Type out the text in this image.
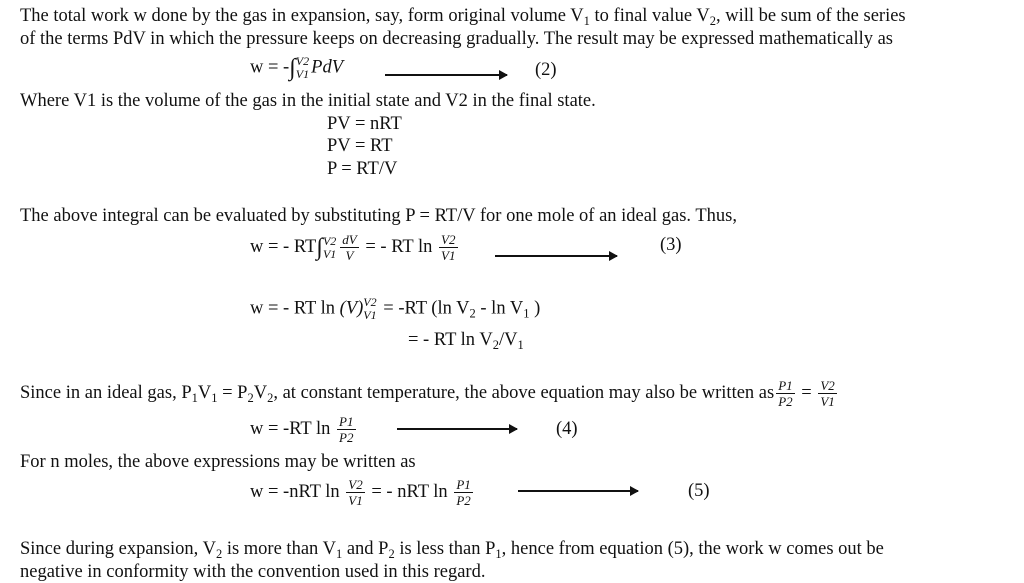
The total work w done by the gas in expansion, say, form original volume $V_1$ to final value $V_2$, will be sum of the series
of the terms PdV in which the pressure keeps on decreasing gradually. The result may be expressed mathematically as
w = -∫ V2
V1 PdV	(2)
Where V1 is the volume of the gas in the initial state and V2 in the final state.
PV = nRT
PV = RT
P = RT/V
The above integral can be evaluated by substituting P = RT/V for one mole of an ideal gas. Thus,
w = - RT∫ V2
$V1 \frac{dV}{V}$ = - RT $\ln \frac{V2}{V1}$	(3)
w = - RT ln (V) V2
V1 = -RT (ln $V_2$ - $\ln V_1$ )
= - RT $\ln V_2/V_1$
Since in an ideal gas, $P_1V_1 = P_2V_2$, at constant temperature, the above equation may also be written as $\frac{P1}{P2} = \frac{V2}{V1}$
w = -RT $\ln \frac{P1}{P2}$	(4)
For n moles, the above expressions may be written as
w = -nRT $\ln \frac{V2}{V1}$ = - nRT $\ln \frac{P1}{P2}$	(5)
Since during expansion, $V_2$ is more than $V_1$ and $P_2$ is less than $P_1$, hence from equation (5), the work w comes out be
negative in conformity with the convention used in this regard.
